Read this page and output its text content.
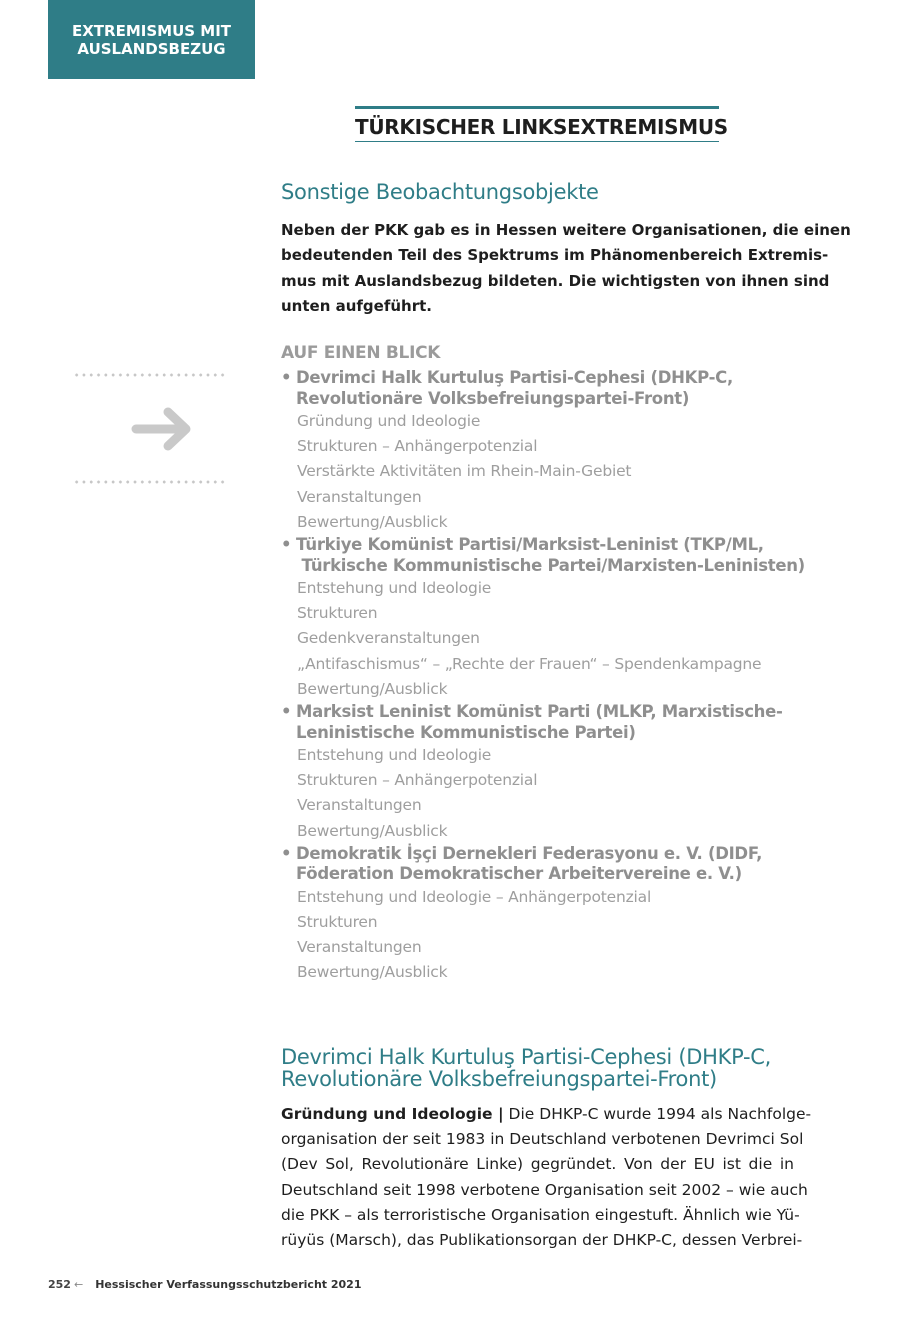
EXTREMISMUS MIT
AUSLANDSBEZUG
TÜRKISCHER LINKSEXTREMISMUS
Sonstige Beobachtungsobjekte
Neben der PKK gab es in Hessen weitere Organisationen, die einen
bedeutenden Teil des Spektrums im Phänomenbereich Extremis-
mus mit Auslandsbezug bildeten. Die wichtigsten von ihnen sind
unten aufgeführt.
AUF EINEN BLICK
• Devrimci Halk Kurtuluş Partisi-Cephesi (DHKP-C,
Revolutionäre Volksbefreiungspartei-Front)
Gründung und Ideologie
Strukturen – Anhängerpotenzial
Verstärkte Aktivitäten im Rhein-Main-Gebiet
Veranstaltungen
Bewertung/Ausblick
• Türkiye Komünist Partisi/Marksist-Leninist (TKP/ML,
Türkische Kommunistische Partei/Marxisten-Leninisten)
Entstehung und Ideologie
Strukturen
Gedenkveranstaltungen
„Antifaschismus“ – „Rechte der Frauen“ – Spendenkampagne
Bewertung/Ausblick
• Marksist Leninist Komünist Parti (MLKP, Marxistische-
Leninistische Kommunistische Partei)
Entstehung und Ideologie
Strukturen – Anhängerpotenzial
Veranstaltungen
Bewertung/Ausblick
• Demokratik İşçi Dernekleri Federasyonu e. V. (DIDF,
Föderation Demokratischer Arbeitervereine e. V.)
Entstehung und Ideologie – Anhängerpotenzial
Strukturen
Veranstaltungen
Bewertung/Ausblick
Devrimci Halk Kurtuluş Partisi-Cephesi (DHKP-C,
Revolutionäre Volksbefreiungspartei-Front)
Gründung und Ideologie | Die DHKP-C wurde 1994 als Nachfolge-
organisation der seit 1983 in Deutschland verbotenen Devrimci Sol
(Dev Sol, Revolutionäre Linke) gegründet. Von der EU ist die in
Deutschland seit 1998 verbotene Organisation seit 2002 – wie auch
die PKK – als terroristische Organisation eingestuft. Ähnlich wie Yü-
rüyüs (Marsch), das Publikationsorgan der DHKP-C, dessen Verbrei-
252 ← Hessischer Verfassungsschutzbericht 2021
